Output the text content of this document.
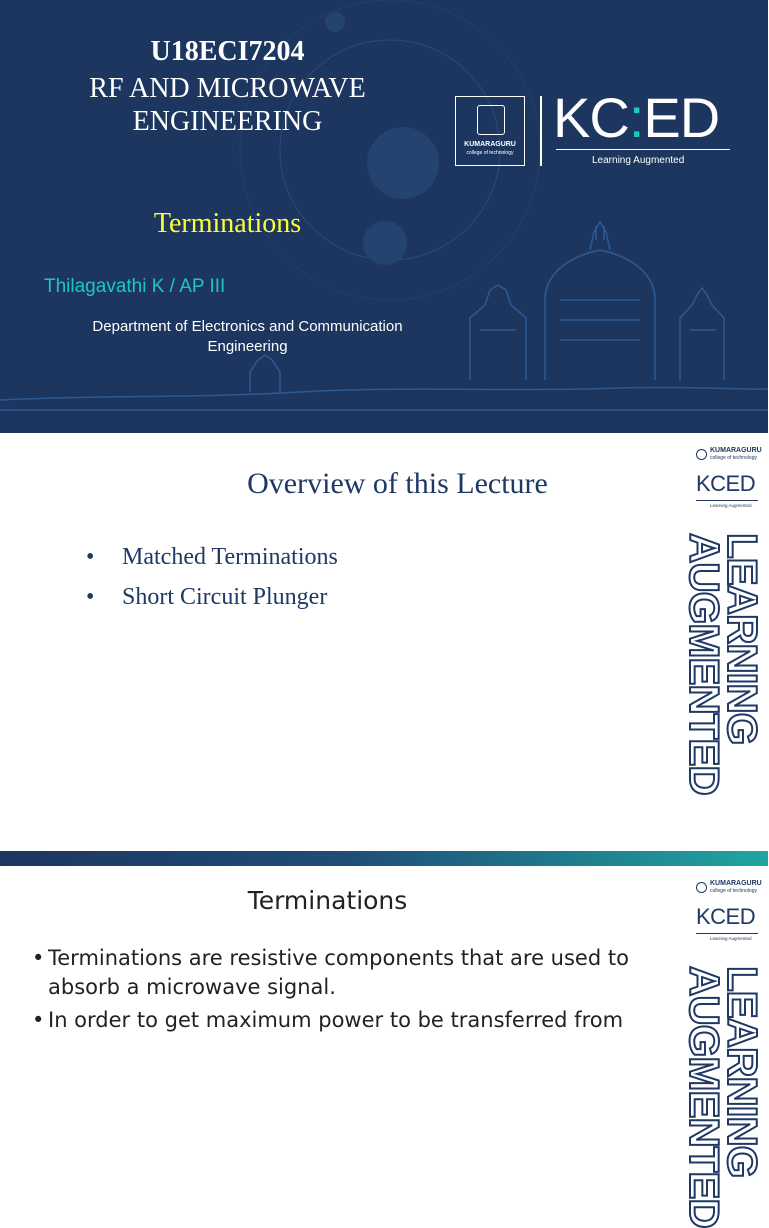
U18ECI7204
RF AND MICROWAVE
ENGINEERING
Terminations
Thilagavathi K / AP III
Department of Electronics and Communication
Engineering
KUMARAGURU
college of technology
KC:ED
Learning Augmented
Overview of this Lecture
• Matched Terminations
• Short Circuit Plunger
KUMARAGURU
college of technology
KCED
Learning Augmented
LEARNING
AUGMENTED
Terminations
• Terminations are resistive components that are used to absorb a microwave signal.
• In order to get maximum power to be transferred from
KUMARAGURU
college of technology
KCED
Learning Augmented
LEARNING
AUGMENTED
